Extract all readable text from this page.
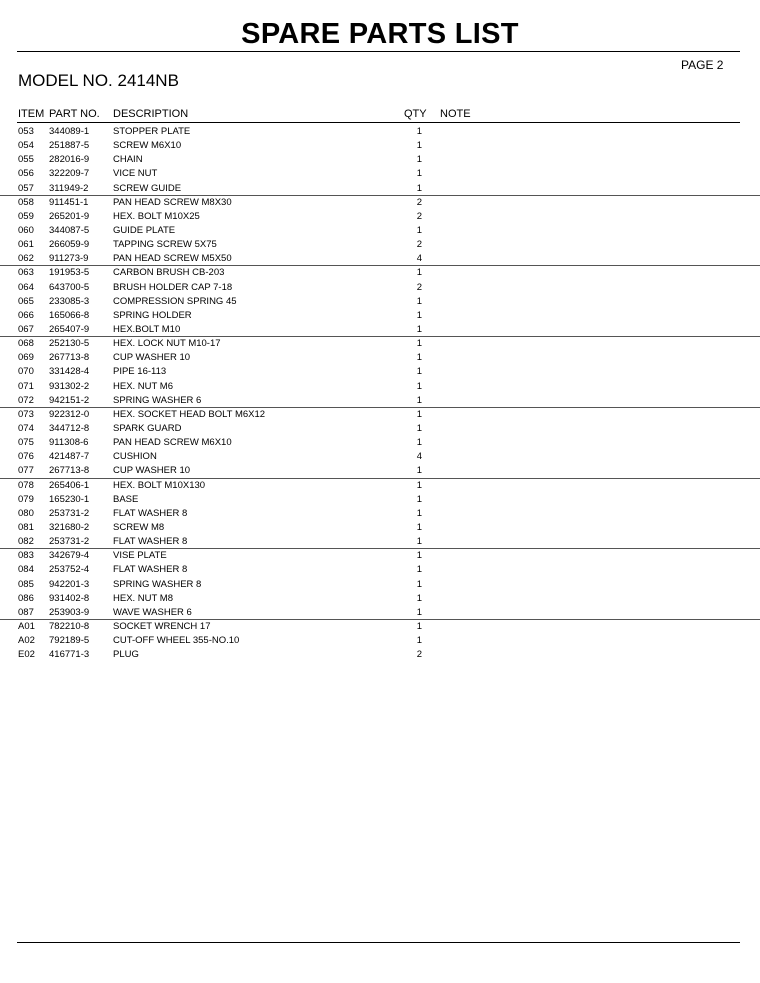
SPARE PARTS LIST
PAGE 2
MODEL NO. 2414NB
ITEM PART NO. DESCRIPTION	QTY NOTE
053 344089-1	STOPPER PLATE	1
054 251887-5	SCREW M6X10	1
055 282016-9	CHAIN	1
056 322209-7	VICE NUT	1
057 311949-2	SCREW GUIDE	1
058 911451-1	PAN HEAD SCREW M8X30	2
059 265201-9	HEX. BOLT M10X25	2
060 344087-5	GUIDE PLATE	1
061 266059-9	TAPPING SCREW 5X75	2
062 911273-9	PAN HEAD SCREW M5X50	4
063 191953-5	CARBON BRUSH CB-203	1
064 643700-5	BRUSH HOLDER CAP 7-18	2
065 233085-3	COMPRESSION SPRING 45	1
066 165066-8	SPRING HOLDER	1
067 265407-9	HEX.BOLT M10	1
068 252130-5	HEX. LOCK NUT M10-17	1
069 267713-8	CUP WASHER 10	1
070 331428-4	PIPE 16-113	1
071 931302-2	HEX. NUT M6	1
072 942151-2	SPRING WASHER 6	1
073 922312-0	HEX. SOCKET HEAD BOLT M6X12	1
074 344712-8	SPARK GUARD	1
075 911308-6	PAN HEAD SCREW M6X10	1
076 421487-7	CUSHION	4
077 267713-8	CUP WASHER 10	1
078 265406-1	HEX. BOLT M10X130	1
079 165230-1	BASE	1
080 253731-2	FLAT WASHER 8	1
081 321680-2	SCREW M8	1
082 253731-2	FLAT WASHER 8	1
083 342679-4	VISE PLATE	1
084 253752-4	FLAT WASHER 8	1
085 942201-3	SPRING WASHER 8	1
086 931402-8	HEX. NUT M8	1
087 253903-9	WAVE WASHER 6	1
A01 782210-8	SOCKET WRENCH 17	1
A02 792189-5	CUT-OFF WHEEL 355-NO.10	1
E02 416771-3	PLUG	2
